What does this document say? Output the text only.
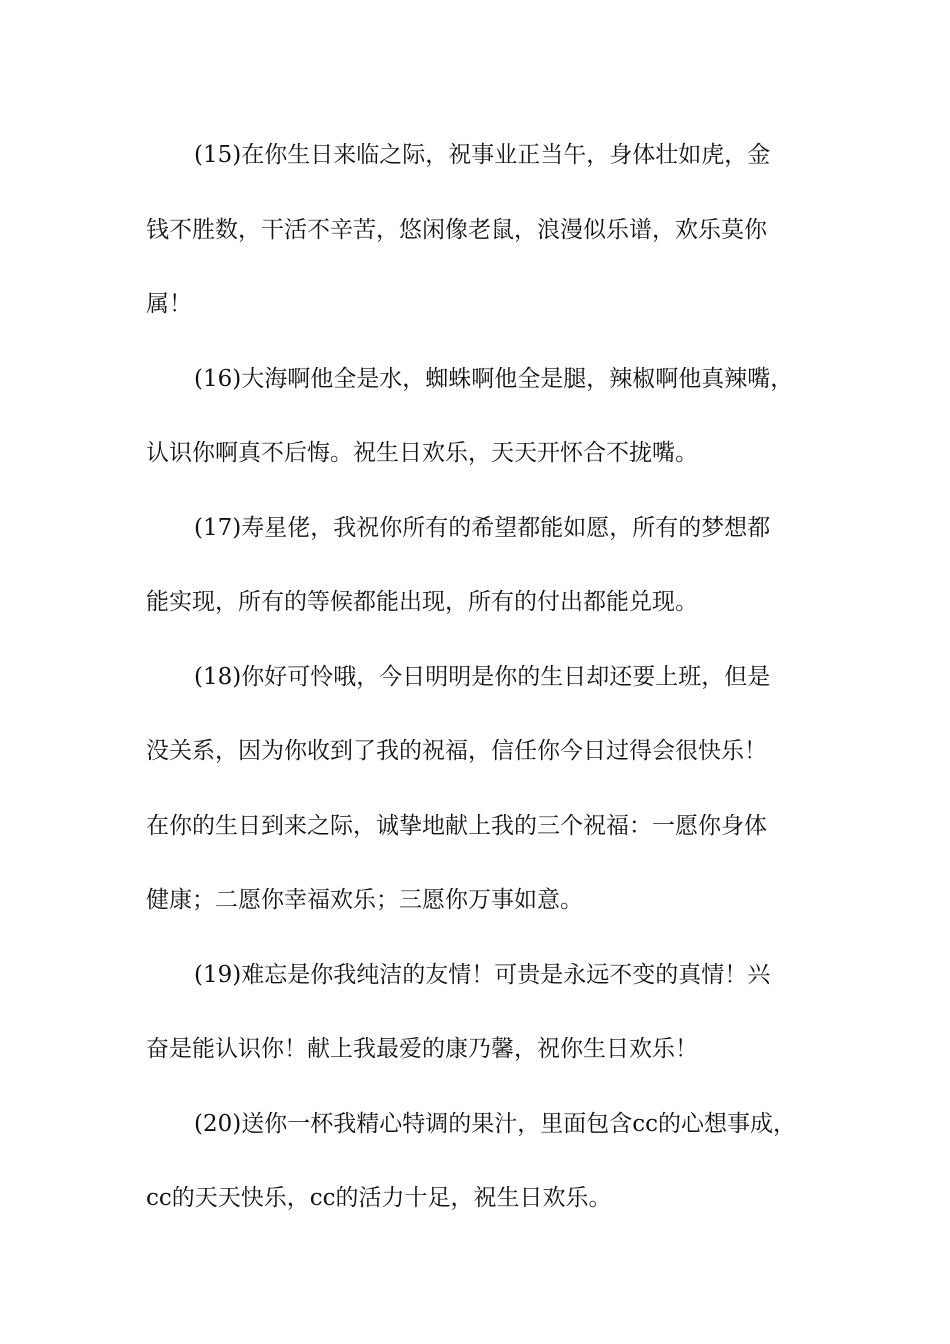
(15)在你生日来临之际，祝事业正当午，身体壮如虎，金
钱不胜数，干活不辛苦，悠闲像老鼠，浪漫似乐谱，欢乐莫你
属！
(16)大海啊他全是水，蜘蛛啊他全是腿，辣椒啊他真辣嘴，
认识你啊真不后悔。祝生日欢乐，天天开怀合不拢嘴。
(17)寿星佬，我祝你所有的希望都能如愿，所有的梦想都
能实现，所有的等候都能出现，所有的付出都能兑现。
(18)你好可怜哦，今日明明是你的生日却还要上班，但是
没关系，因为你收到了我的祝福，信任你今日过得会很快乐！
在你的生日到来之际，诚挚地献上我的三个祝福：一愿你身体
健康；二愿你幸福欢乐；三愿你万事如意。
(19)难忘是你我纯洁的友情！可贵是永远不变的真情！兴
奋是能认识你！献上我最爱的康乃馨，祝你生日欢乐！
(20)送你一杯我精心特调的果汁，里面包含cc的心想事成，
cc的天天快乐，cc的活力十足，祝生日欢乐。
